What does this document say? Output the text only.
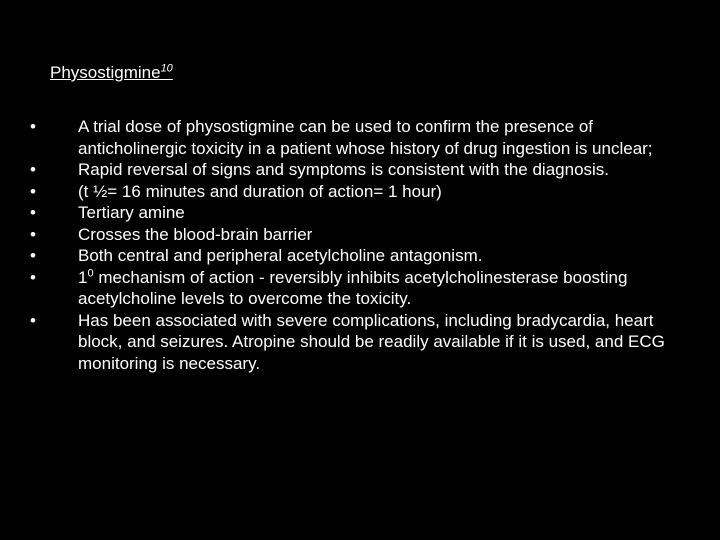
Physostigmine$^{10}$
•	A trial dose of physostigmine can be used to confirm the presence of anticholinergic toxicity in a patient whose history of drug ingestion is unclear;
•	Rapid reversal of signs and symptoms is consistent with the diagnosis.
•	(t ½= 16 minutes and duration of action= 1 hour)
•	Tertiary amine
•	Crosses the blood-brain barrier
•	Both central and peripheral acetylcholine antagonism.
•	$1^0$ mechanism of action - reversibly inhibits acetylcholinesterase boosting acetylcholine levels to overcome the toxicity.
•	Has been associated with severe complications, including bradycardia, heart block, and seizures. Atropine should be readily available if it is used, and ECG monitoring is necessary.
